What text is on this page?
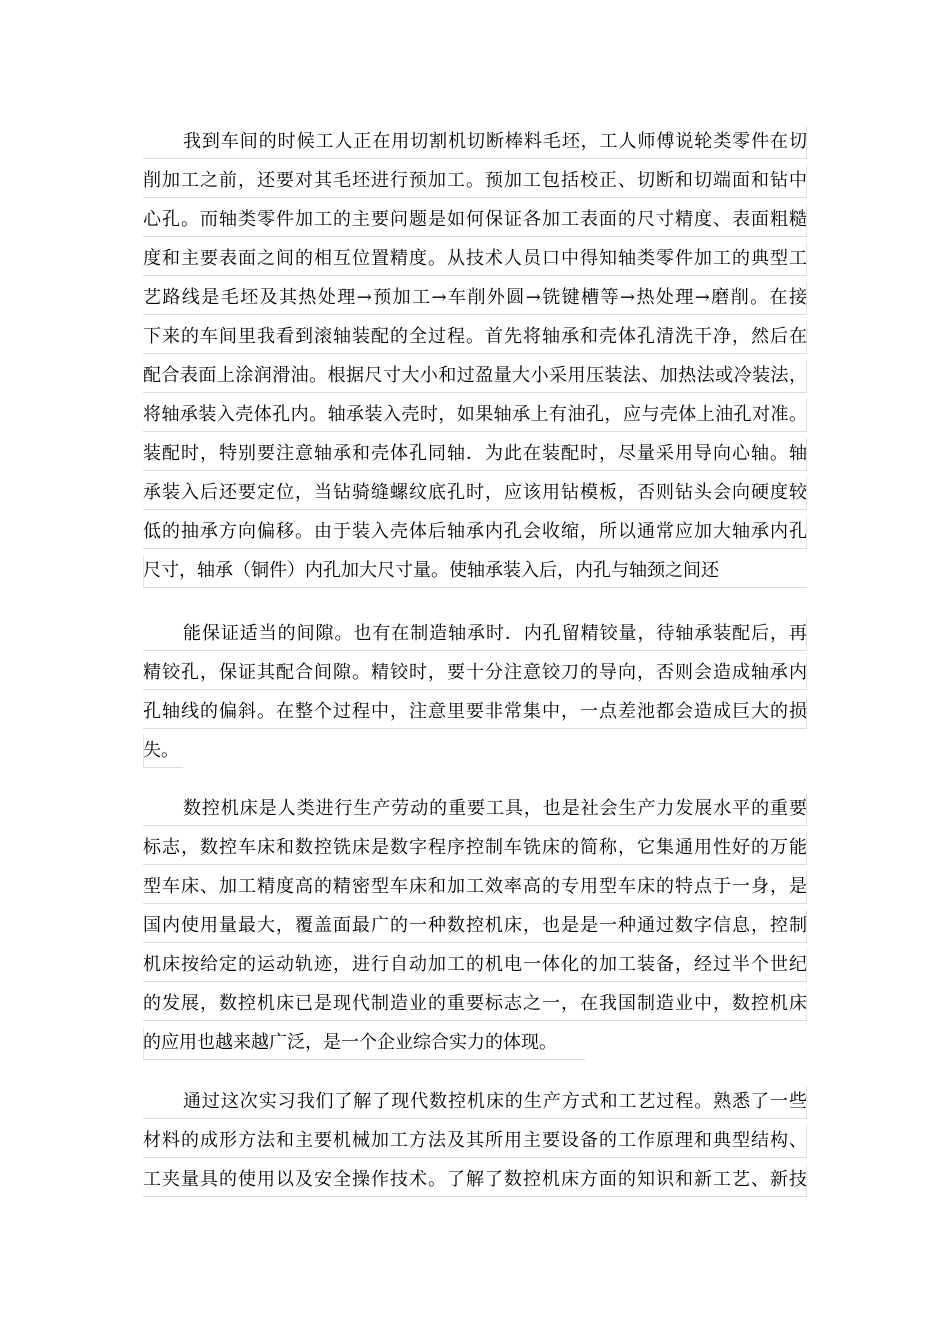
我到车间的时候工人正在用切割机切断棒料毛坯，工人师傅说轮类零件在切
削加工之前，还要对其毛坯进行预加工。预加工包括校正、切断和切端面和钻中
心孔。而轴类零件加工的主要问题是如何保证各加工表面的尺寸精度、表面粗糙
度和主要表面之间的相互位置精度。从技术人员口中得知轴类零件加工的典型工
艺路线是毛坯及其热处理→预加工→车削外圆→铣键槽等→热处理→磨削。在接
下来的车间里我看到滚轴装配的全过程。首先将轴承和壳体孔清洗干净，然后在
配合表面上涂润滑油。根据尺寸大小和过盈量大小采用压装法、加热法或冷装法，
将轴承装入壳体孔内。轴承装入壳时，如果轴承上有油孔，应与壳体上油孔对准。
装配时，特别要注意轴承和壳体孔同轴．为此在装配时，尽量采用导向心轴。轴
承装入后还要定位，当钻骑缝螺纹底孔时，应该用钻模板，否则钻头会向硬度较
低的抽承方向偏移。由于装入壳体后轴承内孔会收缩，所以通常应加大轴承内孔
尺寸，轴承（铜件）内孔加大尺寸量。使轴承装入后，内孔与轴颈之间还
能保证适当的间隙。也有在制造轴承时．内孔留精铰量，待轴承装配后，再
精铰孔，保证其配合间隙。精铰时，要十分注意铰刀的导向，否则会造成轴承内
孔轴线的偏斜。在整个过程中，注意里要非常集中，一点差池都会造成巨大的损
失。
数控机床是人类进行生产劳动的重要工具，也是社会生产力发展水平的重要
标志，数控车床和数控铣床是数字程序控制车铣床的简称，它集通用性好的万能
型车床、加工精度高的精密型车床和加工效率高的专用型车床的特点于一身，是
国内使用量最大，覆盖面最广的一种数控机床，也是是一种通过数字信息，控制
机床按给定的运动轨迹，进行自动加工的机电一体化的加工装备，经过半个世纪
的发展，数控机床已是现代制造业的重要标志之一，在我国制造业中，数控机床
的应用也越来越广泛，是一个企业综合实力的体现。
通过这次实习我们了解了现代数控机床的生产方式和工艺过程。熟悉了一些
材料的成形方法和主要机械加工方法及其所用主要设备的工作原理和典型结构、
工夹量具的使用以及安全操作技术。了解了数控机床方面的知识和新工艺、新技
